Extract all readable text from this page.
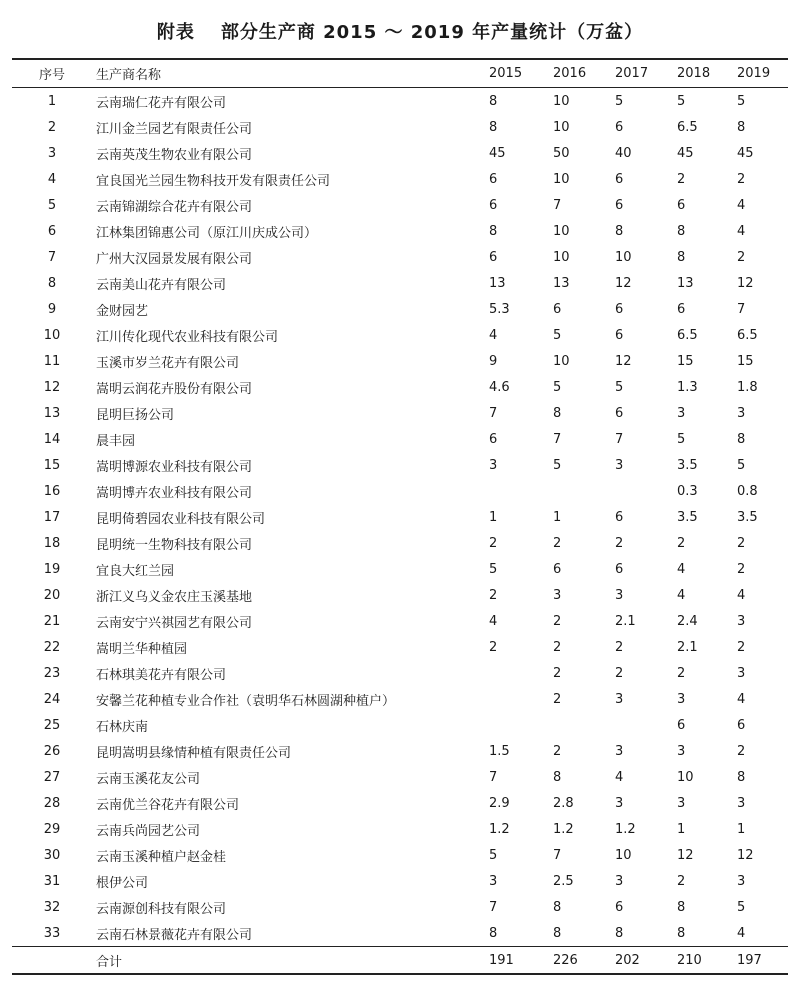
附表 部分生产商 2015 ～ 2019 年产量统计（万盆）
序号	生产商名称	2015	2016	2017	2018	2019
1	云南瑞仁花卉有限公司	8	10	5	5	5
2	江川金兰园艺有限责任公司	8	10	6	6.5	8
3	云南英茂生物农业有限公司	45	50	40	45	45
4	宜良国光兰园生物科技开发有限责任公司	6	10	6	2	2
5	云南锦湖综合花卉有限公司	6	7	6	6	4
6	江林集团锦惠公司（原江川庆成公司）	8	10	8	8	4
7	广州大汉园景发展有限公司	6	10	10	8	2
8	云南美山花卉有限公司	13	13	12	13	12
9	金财园艺	5.3	6	6	6	7
10	江川传化现代农业科技有限公司	4	5	6	6.5	6.5
11	玉溪市岁兰花卉有限公司	9	10	12	15	15
12	嵩明云润花卉股份有限公司	4.6	5	5	1.3	1.8
13	昆明巨扬公司	7	8	6	3	3
14	晨丰园	6	7	7	5	8
15	嵩明博源农业科技有限公司	3	5	3	3.5	5
16	嵩明博卉农业科技有限公司				0.3	0.8
17	昆明倚碧园农业科技有限公司	1	1	6	3.5	3.5
18	昆明统一生物科技有限公司	2	2	2	2	2
19	宜良大红兰园	5	6	6	4	2
20	浙江义乌义金农庄玉溪基地	2	3	3	4	4
21	云南安宁兴祺园艺有限公司	4	2	2.1	2.4	3
22	嵩明兰华种植园	2	2	2	2.1	2
23	石林琪美花卉有限公司		2	2	2	3
24	安馨兰花种植专业合作社（袁明华石林圆湖种植户）		2	3	3	4
25	石林庆南				6	6
26	昆明嵩明县缘情种植有限责任公司	1.5	2	3	3	2
27	云南玉溪花友公司	7	8	4	10	8
28	云南优兰谷花卉有限公司	2.9	2.8	3	3	3
29	云南兵尚园艺公司	1.2	1.2	1.2	1	1
30	云南玉溪种植户赵金桂	5	7	10	12	12
31	根伊公司	3	2.5	3	2	3
32	云南源创科技有限公司	7	8	6	8	5
33	云南石林景薇花卉有限公司	8	8	8	8	4
	合计	191	226	202	210	197
